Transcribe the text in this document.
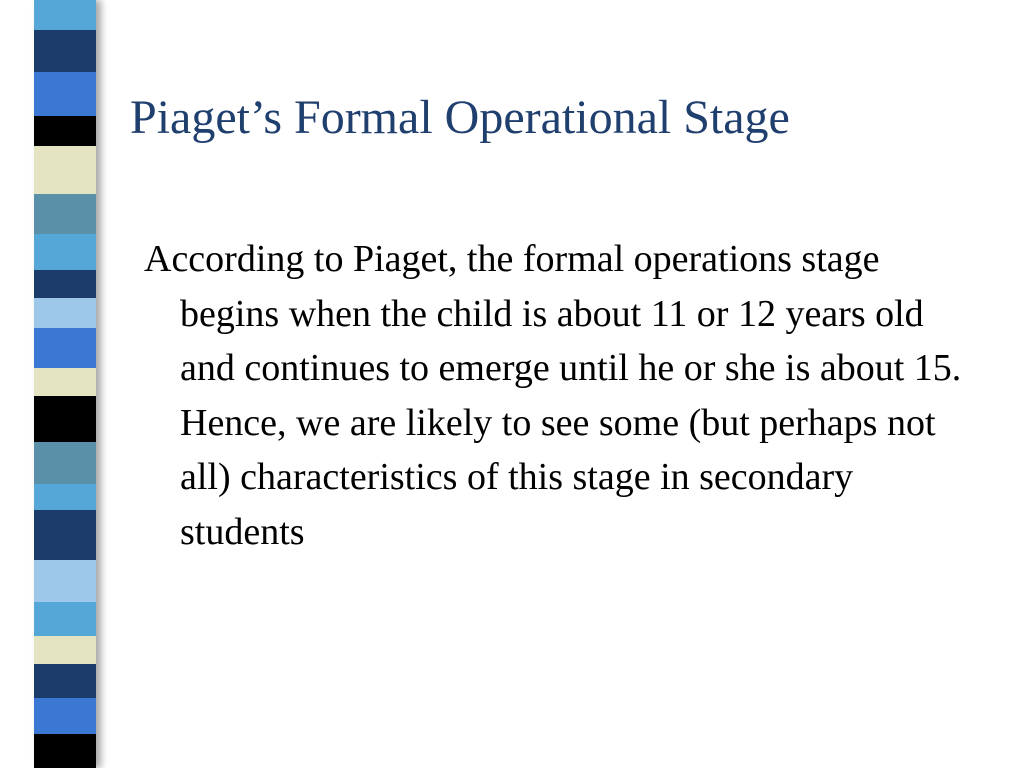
Piaget’s Formal Operational Stage

According to Piaget, the formal operations stage begins when the child is about 11 or 12 years old and continues to emerge until he or she is about 15. Hence, we are likely to see some (but perhaps not all) characteristics of this stage in secondary students
